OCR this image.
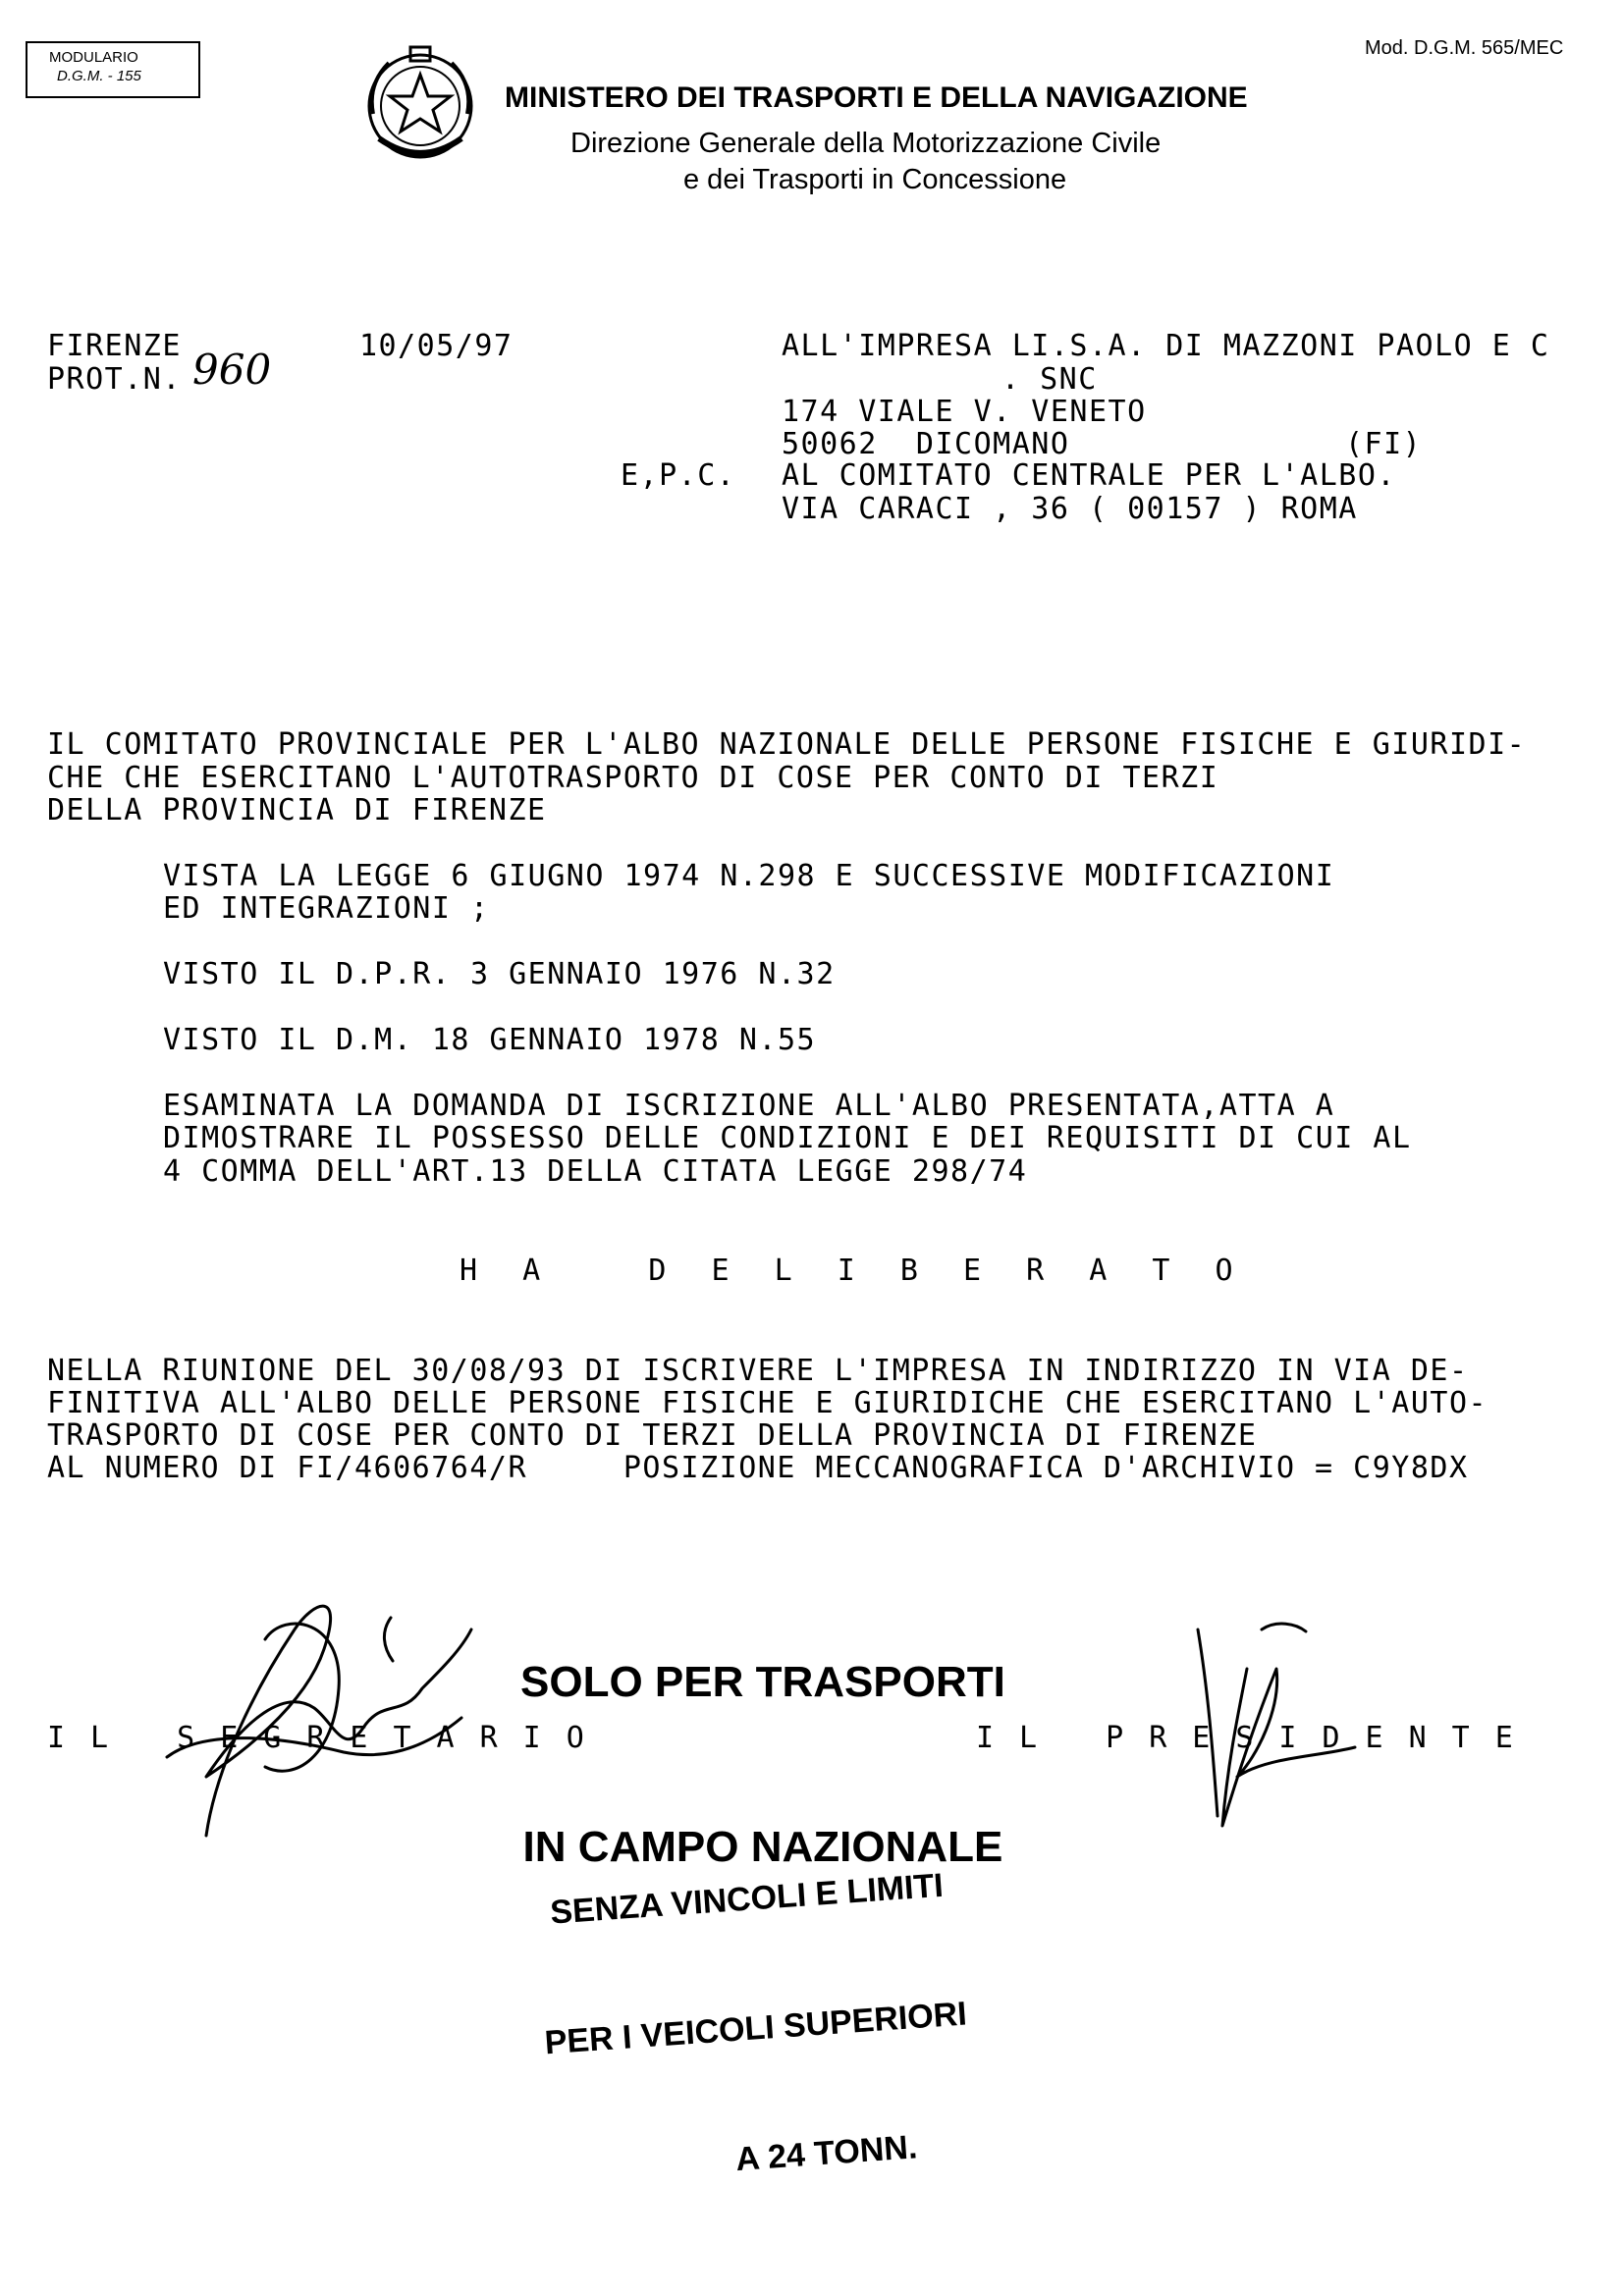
MODULARIO

D.G.M. - 155

MINISTERO DEI TRASPORTI E DELLA NAVIGAZIONE
Direzione Generale della Motorizzazione Civile
e dei Trasporti in Concessione
Mod. D.G.M. 565/MEC
FIRENZE
PROT.N. 960	10/05/97
E,P.C.
ALL'IMPRESA LI.S.A. DI MAZZONI PAOLO E C
. SNC
174 VIALE V. VENETO
50062  DICOMANO	(FI)
AL COMITATO CENTRALE PER L'ALBO.
VIA CARACI , 36 ( 00157 ) ROMA
IL COMITATO PROVINCIALE PER L'ALBO NAZIONALE DELLE PERSONE FISICHE E GIURIDI-
CHE CHE ESERCITANO L'AUTOTRASPORTO DI COSE PER CONTO DI TERZI
DELLA PROVINCIA DI FIRENZE
VISTA LA LEGGE 6 GIUGNO 1974 N.298 E SUCCESSIVE MODIFICAZIONI
ED INTEGRAZIONI ;
VISTO IL D.P.R. 3 GENNAIO 1976 N.32
VISTO IL D.M. 18 GENNAIO 1978 N.55
ESAMINATA LA DOMANDA DI ISCRIZIONE ALL'ALBO PRESENTATA,ATTA A
DIMOSTRARE IL POSSESSO DELLE CONDIZIONI E DEI REQUISITI DI CUI AL
4 COMMA DELL'ART.13 DELLA CITATA LEGGE 298/74
H A   D E L I B E R A T O
NELLA RIUNIONE DEL 30/08/93 DI ISCRIVERE L'IMPRESA IN INDIRIZZO IN VIA DE-
FINITIVA ALL'ALBO DELLE PERSONE FISICHE E GIURIDICHE CHE ESERCITANO L'AUTO-
TRASPORTO DI COSE PER CONTO DI TERZI DELLA PROVINCIA DI FIRENZE
AL NUMERO DI FI/4606764/R     POSIZIONE MECCANOGRAFICA D'ARCHIVIO = C9Y8DX

SOLO PER TRASPORTI

IN CAMPO NAZIONALE

SENZA VINCOLI E LIMITI

PER I VEICOLI SUPERIORI

A 24 TONN.

IL SEGRETARIO	IL PRESIDENTE
